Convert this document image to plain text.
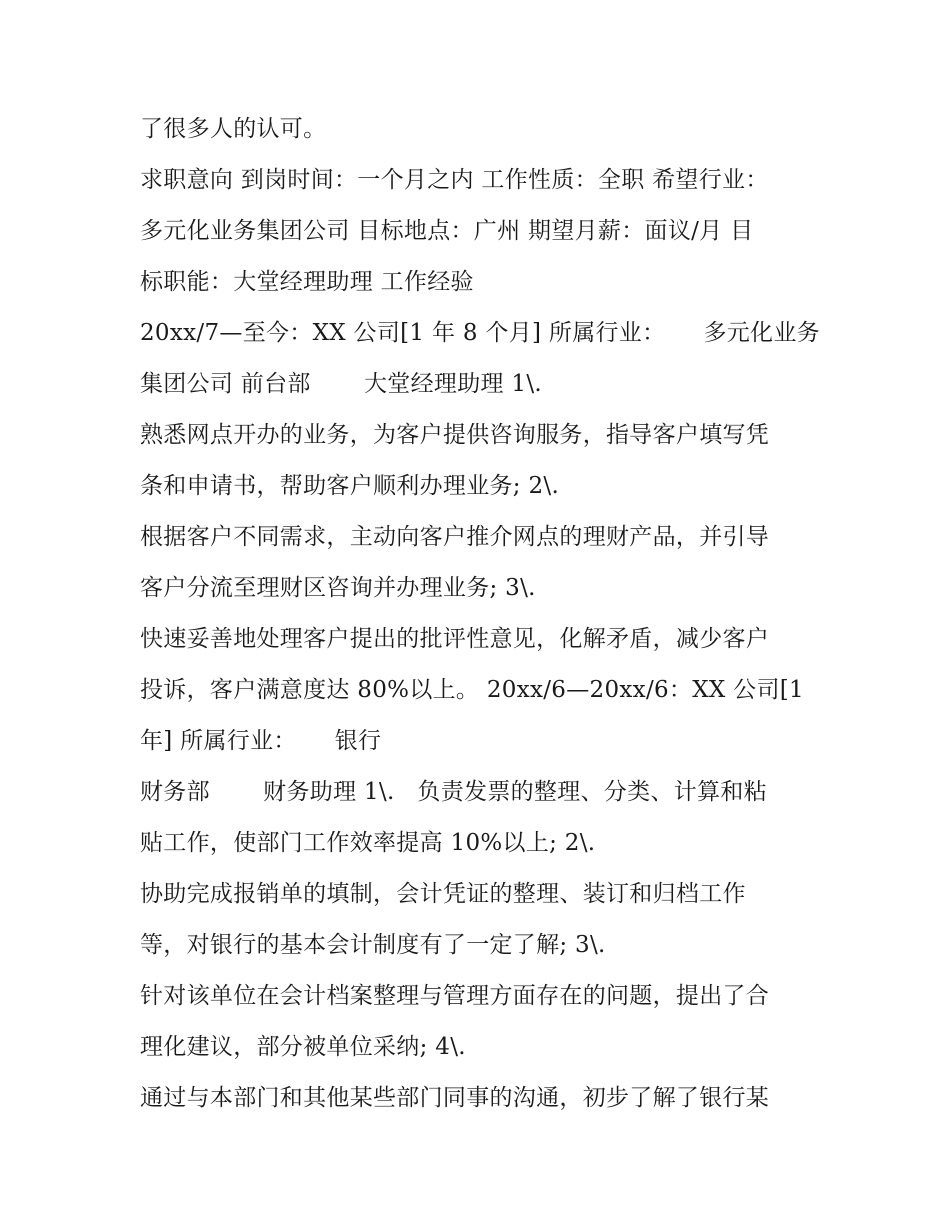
了很多人的认可。
求职意向 到岗时间：一个月之内 工作性质：全职 希望行业：
多元化业务集团公司 目标地点：广州 期望月薪：面议/月 目
标职能：大堂经理助理 工作经验
20xx/7—至今：XX 公司[1 年 8 个月] 所属行业：     多元化业务
集团公司 前台部       大堂经理助理 1\.
熟悉网点开办的业务，为客户提供咨询服务，指导客户填写凭
条和申请书，帮助客户顺利办理业务; 2\.
根据客户不同需求，主动向客户推介网点的理财产品，并引导
客户分流至理财区咨询并办理业务; 3\.
快速妥善地处理客户提出的批评性意见，化解矛盾，减少客户
投诉，客户满意度达 80%以上。 20xx/6—20xx/6：XX 公司[1
年] 所属行业：     银行
财务部       财务助理 1\.   负责发票的整理、分类、计算和粘
贴工作，使部门工作效率提高 10%以上; 2\.
协助完成报销单的填制，会计凭证的整理、装订和归档工作
等，对银行的基本会计制度有了一定了解; 3\.
针对该单位在会计档案整理与管理方面存在的问题，提出了合
理化建议，部分被单位采纳; 4\.
通过与本部门和其他某些部门同事的沟通，初步了解了银行某
